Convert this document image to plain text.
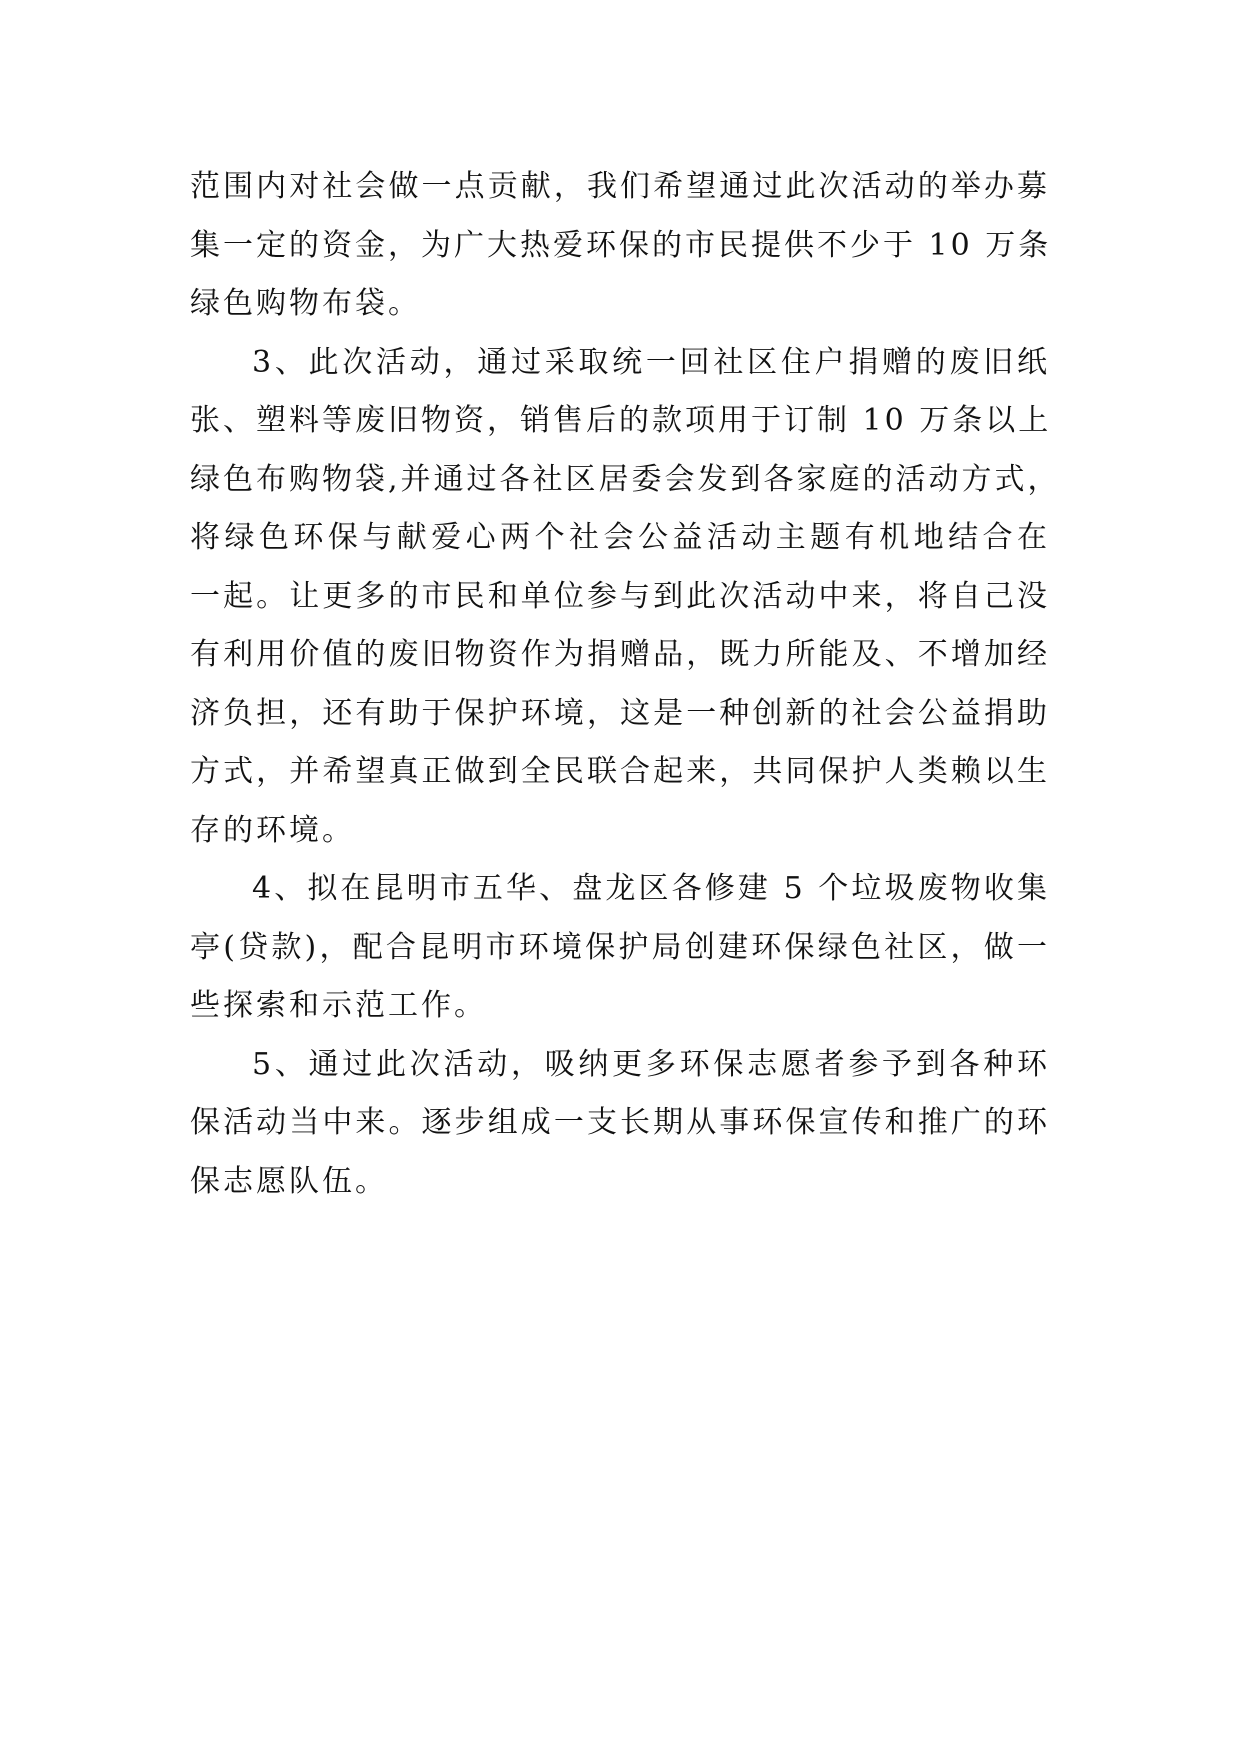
范围内对社会做一点贡献，我们希望通过此次活动的举办募
集一定的资金，为广大热爱环保的市民提供不少于 10 万条
绿色购物布袋。

3、此次活动，通过采取统一回社区住户捐赠的废旧纸
张、塑料等废旧物资，销售后的款项用于订制 10 万条以上
绿色布购物袋,并通过各社区居委会发到各家庭的活动方式，
将绿色环保与献爱心两个社会公益活动主题有机地结合在
一起。让更多的市民和单位参与到此次活动中来，将自己没
有利用价值的废旧物资作为捐赠品，既力所能及、不增加经
济负担，还有助于保护环境，这是一种创新的社会公益捐助
方式，并希望真正做到全民联合起来，共同保护人类赖以生
存的环境。

4、拟在昆明市五华、盘龙区各修建 5 个垃圾废物收集
亭(贷款)，配合昆明市环境保护局创建环保绿色社区，做一
些探索和示范工作。

5、通过此次活动，吸纳更多环保志愿者参予到各种环
保活动当中来。逐步组成一支长期从事环保宣传和推广的环
保志愿队伍。
